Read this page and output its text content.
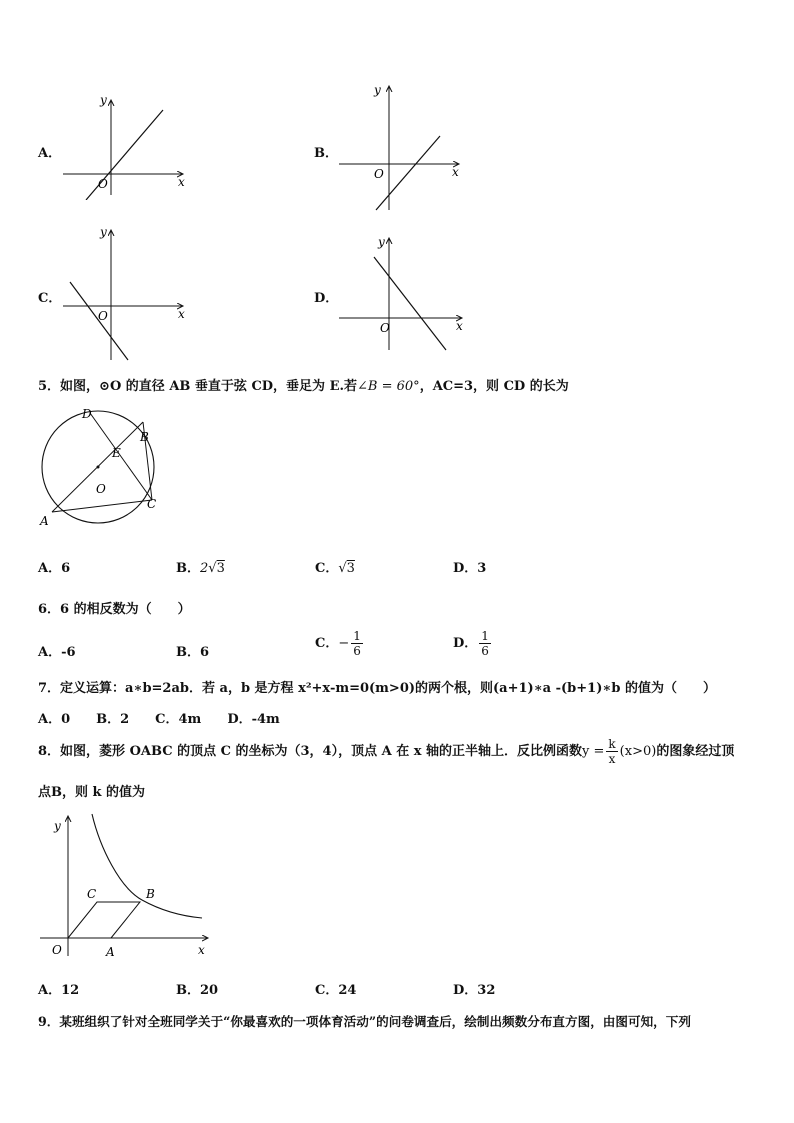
A．
O	x
y
B．
O	x
y
C．
O	x
y
D．
O	x
y
5．如图，⊙O 的直径 AB 垂直于弦 CD，垂足为 E.若∠B = 60°，AC=3，则 CD 的长为
D
B
E
O
A
C
A．6	B．2√3	C．√3	D．3
6．6 的相反数为（　　）
A．-6	B．6
C．− $\frac{1}{6}$	D． $\frac{1}{6}$
7．定义运算：a∗b=2ab．若 a，b 是方程 x²+x-m=0(m>0)的两个根，则(a+1)∗a -(b+1)∗b 的值为（　　）
A．0　　B．2　　C．4m　　D．-4m
8．如图，菱形 OABC 的顶点 C 的坐标为（3，4），顶点 A 在 x 轴的正半轴上．反比例函数$y = \frac{k}{x} (x>0)$的图象经过顶
点B，则 k 的值为
y
x
O	A
B
C
A．12	B．20	C．24	D．32
9．某班组织了针对全班同学关于“你最喜欢的一项体育活动”的问卷调查后，绘制出频数分布直方图，由图可知，下列
